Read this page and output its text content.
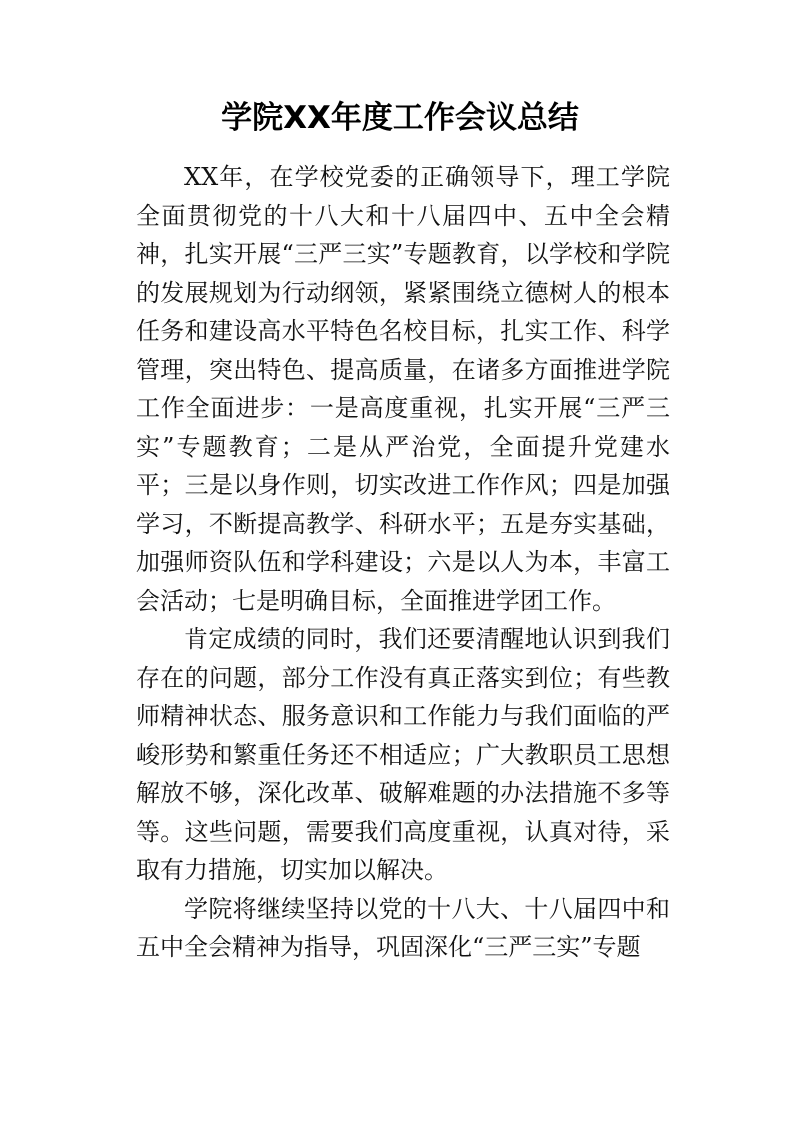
学院XX年度工作会议总结

XX年，在学校党委的正确领导下，理工学院全面贯彻党的十八大和十八届四中、五中全会精神，扎实开展“三严三实”专题教育，以学校和学院的发展规划为行动纲领，紧紧围绕立德树人的根本任务和建设高水平特色名校目标，扎实工作、科学管理，突出特色、提高质量，在诸多方面推进学院工作全面进步：一是高度重视，扎实开展“三严三实”专题教育；二是从严治党，全面提升党建水平；三是以身作则，切实改进工作作风；四是加强学习，不断提高教学、科研水平；五是夯实基础，加强师资队伍和学科建设；六是以人为本，丰富工会活动；七是明确目标，全面推进学团工作。

肯定成绩的同时，我们还要清醒地认识到我们存在的问题，部分工作没有真正落实到位；有些教师精神状态、服务意识和工作能力与我们面临的严峻形势和繁重任务还不相适应；广大教职员工思想解放不够，深化改革、破解难题的办法措施不多等等。这些问题，需要我们高度重视，认真对待，采取有力措施，切实加以解决。

学院将继续坚持以党的十八大、十八届四中和五中全会精神为指导，巩固深化“三严三实”专题
